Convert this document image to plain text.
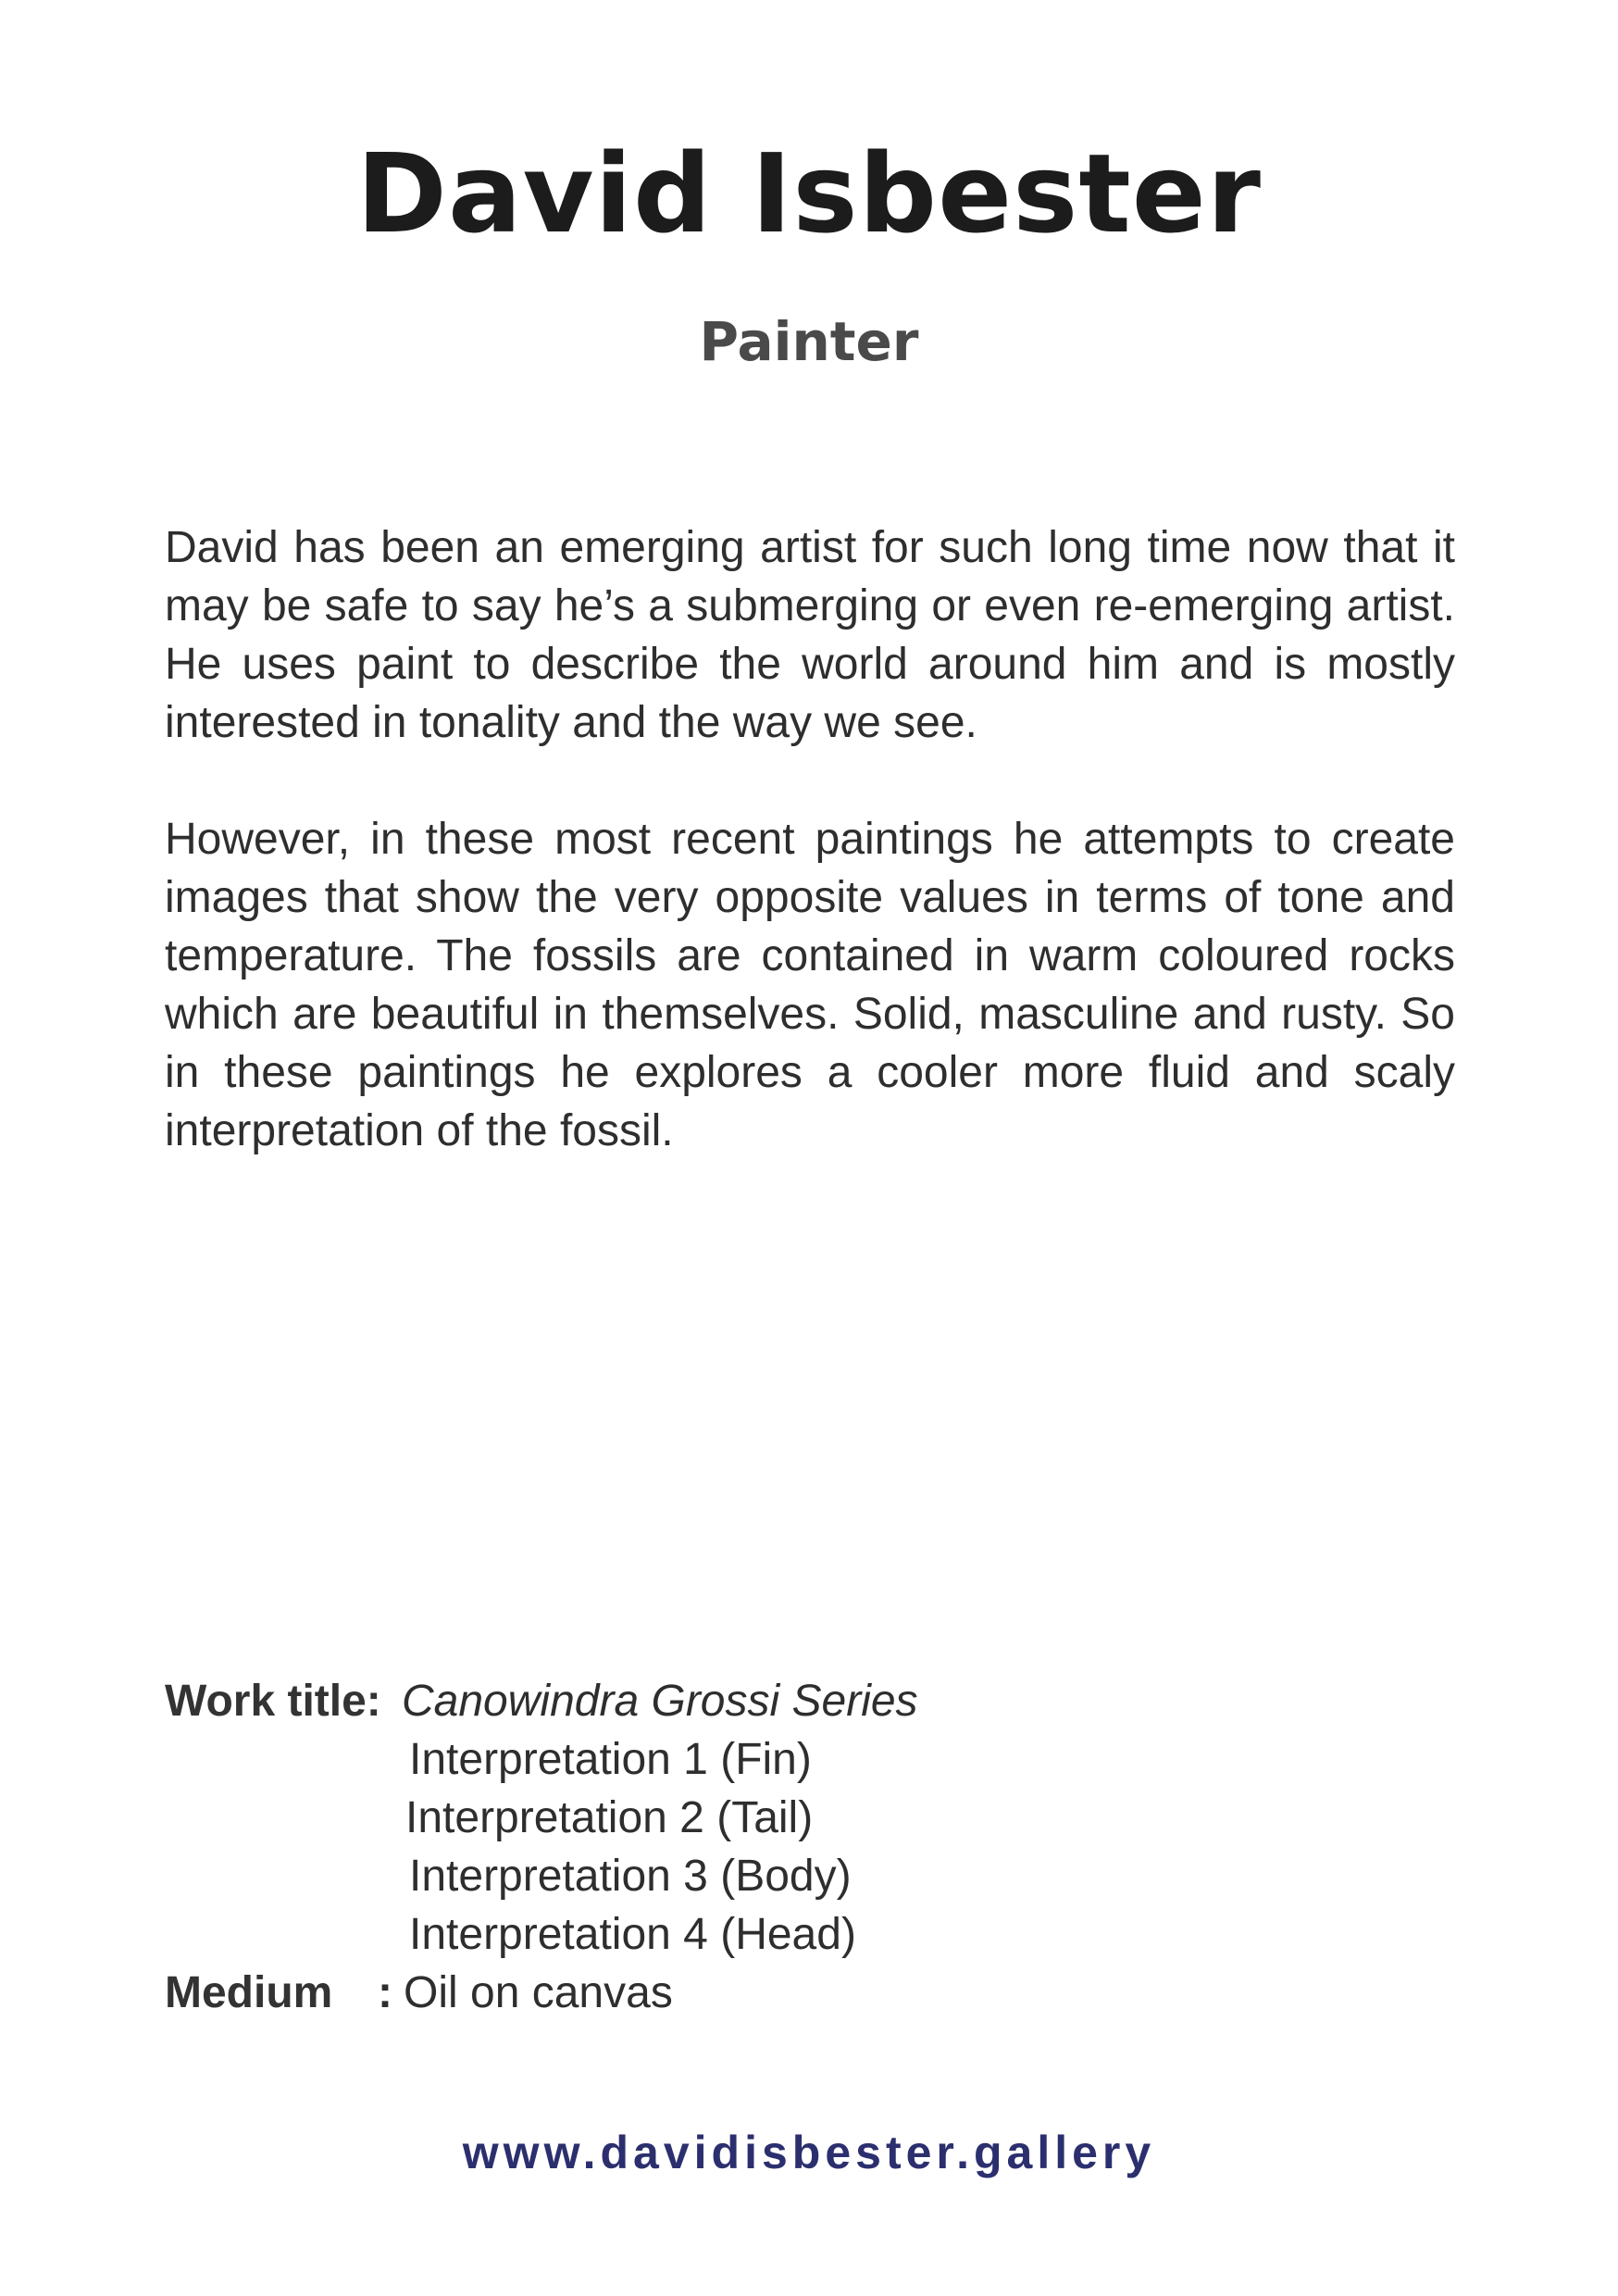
David Isbester
Painter

David has been an emerging artist for such long time now that it may be safe to say he’s a submerging or even re-emerging artist. He uses paint to describe the world around him and is mostly interested in tonality and the way we see.

However, in these most recent paintings he attempts to create images that show the very opposite values in terms of tone and temperature. The fossils are contained in warm coloured rocks which are beautiful in themselves. Solid, masculine and rusty. So in these paintings he explores a cooler more fluid and scaly interpretation of the fossil.

Work title: Canowindra Grossi Series
Interpretation 1 (Fin)
Interpretation 2 (Tail)
Interpretation 3 (Body)
Interpretation 4 (Head)
Medium	: Oil on canvas
www.davidisbester.gallery
